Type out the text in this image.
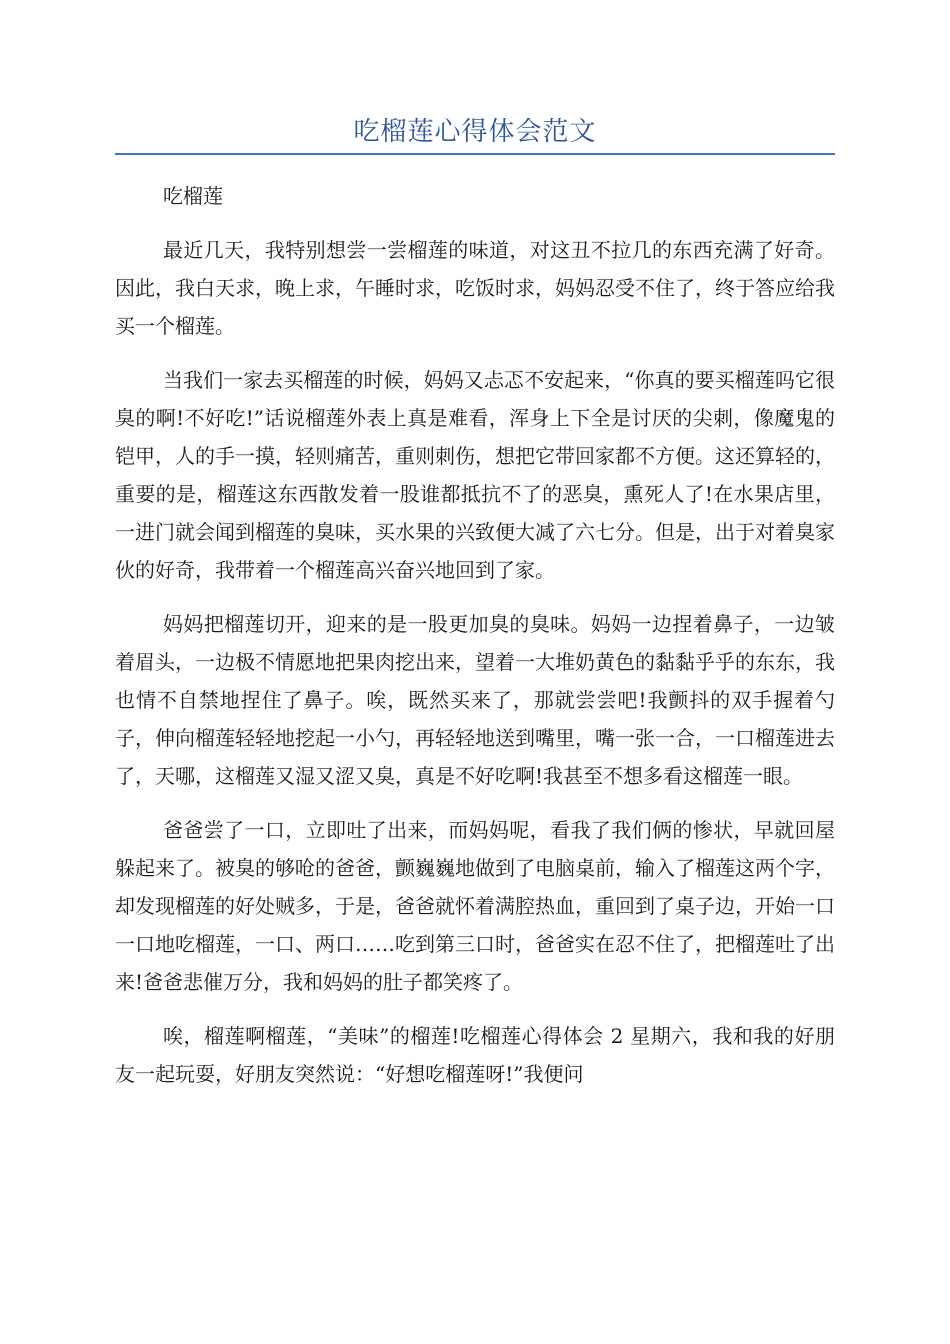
吃榴莲心得体会范文

吃榴莲

最近几天，我特别想尝一尝榴莲的味道，对这丑不拉几的东西充满了好奇。因此，我白天求，晚上求，午睡时求，吃饭时求，妈妈忍受不住了，终于答应给我买一个榴莲。

当我们一家去买榴莲的时候，妈妈又忐忑不安起来，“你真的要买榴莲吗它很臭的啊!不好吃!”话说榴莲外表上真是难看，浑身上下全是讨厌的尖刺，像魔鬼的铠甲，人的手一摸，轻则痛苦，重则刺伤，想把它带回家都不方便。这还算轻的，重要的是，榴莲这东西散发着一股谁都抵抗不了的恶臭，熏死人了!在水果店里，一进门就会闻到榴莲的臭味，买水果的兴致便大减了六七分。但是，出于对着臭家伙的好奇，我带着一个榴莲高兴奋兴地回到了家。

妈妈把榴莲切开，迎来的是一股更加臭的臭味。妈妈一边捏着鼻子，一边皱着眉头，一边极不情愿地把果肉挖出来，望着一大堆奶黄色的黏黏乎乎的东东，我也情不自禁地捏住了鼻子。唉，既然买来了，那就尝尝吧!我颤抖的双手握着勺子，伸向榴莲轻轻地挖起一小勺，再轻轻地送到嘴里，嘴一张一合，一口榴莲进去了，天哪，这榴莲又湿又涩又臭，真是不好吃啊!我甚至不想多看这榴莲一眼。

爸爸尝了一口，立即吐了出来，而妈妈呢，看我了我们俩的惨状，早就回屋躲起来了。被臭的够呛的爸爸，颤巍巍地做到了电脑桌前，输入了榴莲这两个字，却发现榴莲的好处贼多，于是，爸爸就怀着满腔热血，重回到了桌子边，开始一口一口地吃榴莲，一口、两口……吃到第三口时，爸爸实在忍不住了，把榴莲吐了出来!爸爸悲催万分，我和妈妈的肚子都笑疼了。

唉，榴莲啊榴莲，“美味”的榴莲!吃榴莲心得体会 2 星期六，我和我的好朋友一起玩耍，好朋友突然说：“好想吃榴莲呀!”我便问
